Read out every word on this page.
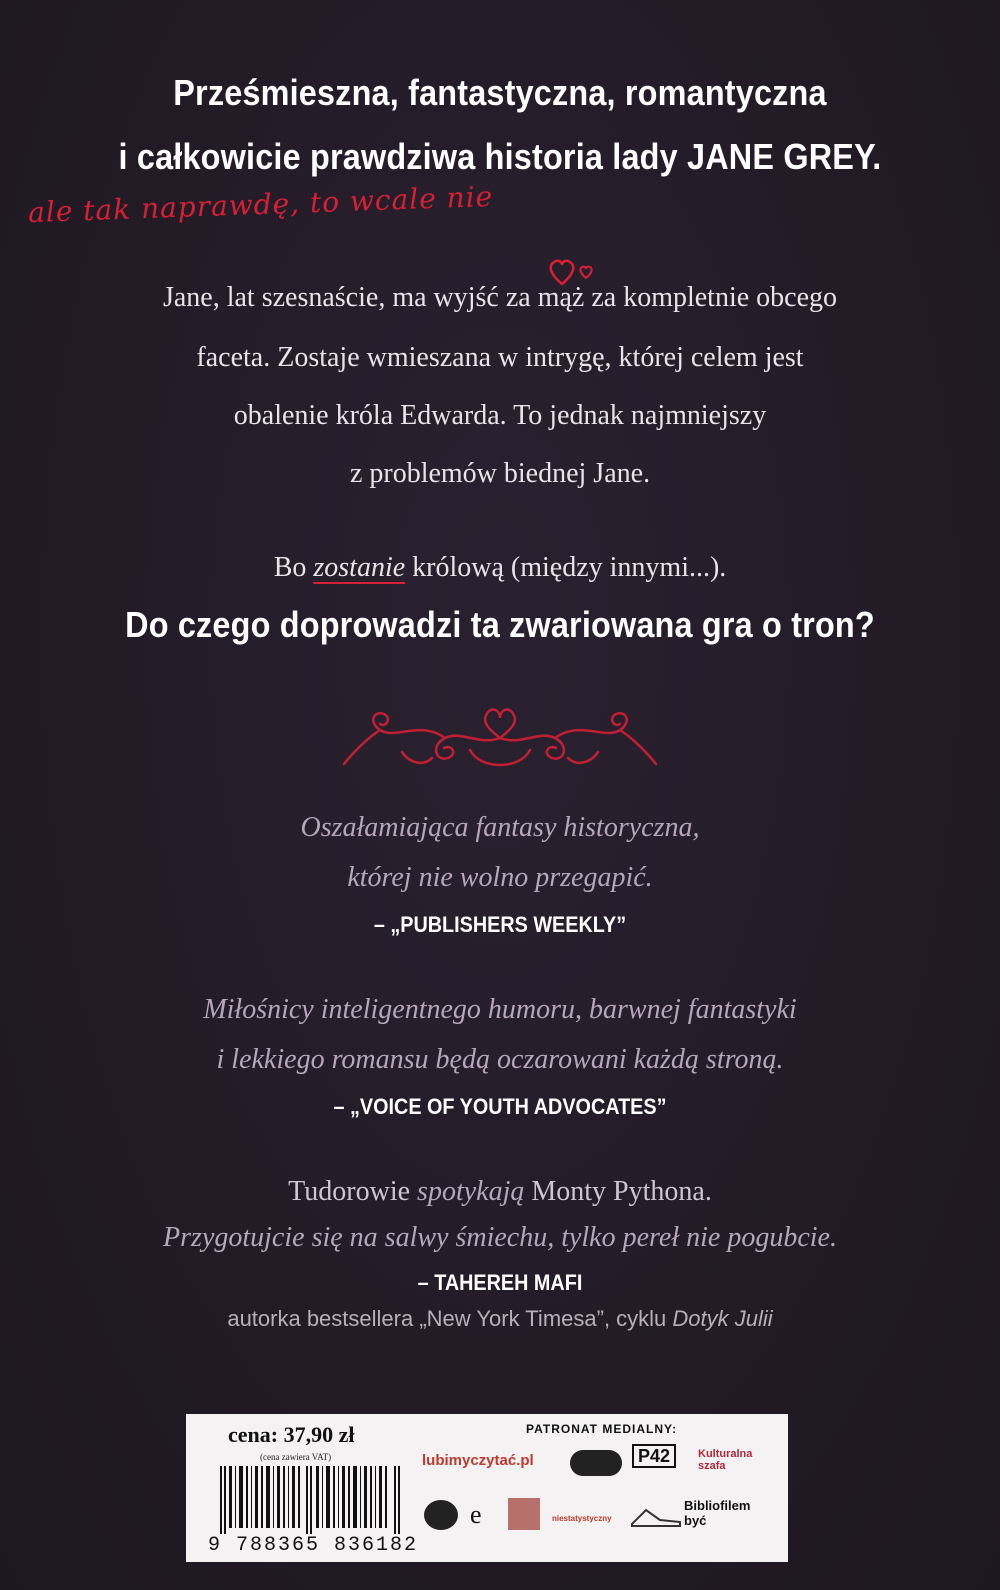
Prześmieszna, fantastyczna, romantyczna
i całkowicie prawdziwa historia lady JANE GREY.
ale tak naprawdę, to wcale nie
Jane, lat szesnaście, ma wyjść za mąż za kompletnie obcego
faceta. Zostaje wmieszana w intrygę, której celem jest
obalenie króla Edwarda. To jednak najmniejszy
z problemów biednej Jane.
Bo zostanie królową (między innymi...).
Do czego doprowadzi ta zwariowana gra o tron?
Oszałamiająca fantasy historyczna,
której nie wolno przegapić.
– „PUBLISHERS WEEKLY”
Miłośnicy inteligentnego humoru, barwnej fantastyki
i lekkiego romansu będą oczarowani każdą stroną.
– „VOICE OF YOUTH ADVOCATES”
Tudorowie spotykają Monty Pythona.
Przygotujcie się na salwy śmiechu, tylko pereł nie pogubcie.
– TAHEREH MAFI
autorka bestsellera „New York Timesa”, cyklu Dotyk Julii
cena: 37,90 zł
(cena zawiera VAT)
9 788365 836182
PATRONAT MEDIALNY:
lubimyczytać.pl	P42	Kulturalna szafa
e	niestatystyczny
Bibliofilem być
